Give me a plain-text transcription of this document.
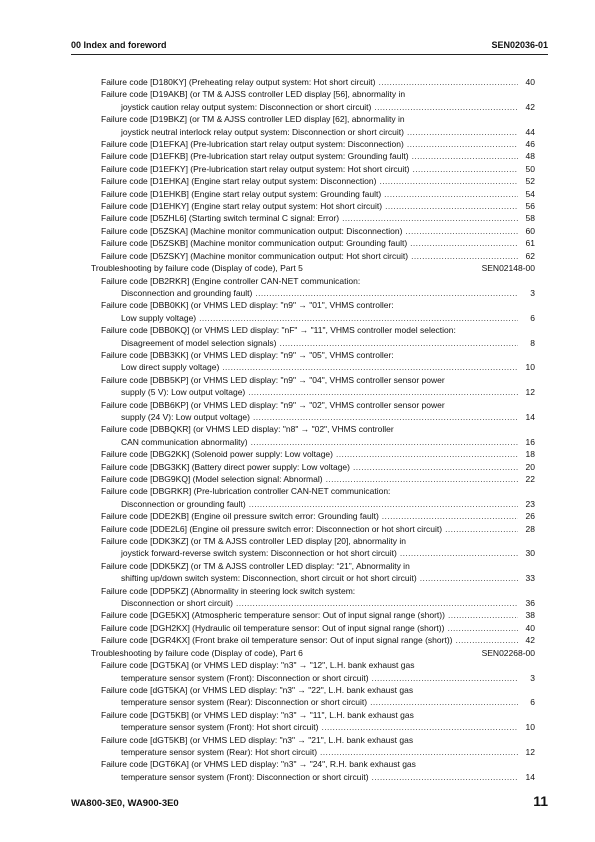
00 Index and foreword	SEN02036-01
Failure code [D180KY] (Preheating relay output system: Hot short circuit) .....	40
Failure code [D19AKB] (or TM & AJSS controller LED display [56], abnormality in
joystick caution relay output system: Disconnection or short circuit) .....	42
Failure code [D19BKZ] (or TM & AJSS controller LED display [62], abnormality in
joystick neutral interlock relay output system: Disconnection or short circuit) .....	44
Failure code [D1EFKA] (Pre-lubrication start relay output system: Disconnection) .....	46
Failure code [D1EFKB] (Pre-lubrication start relay output system: Grounding fault) .....	48
Failure code [D1EFKY] (Pre-lubrication start relay output system: Hot short circuit) .....	50
Failure code [D1EHKA] (Engine start relay output system: Disconnection) .....	52
Failure code [D1EHKB] (Engine start relay output system: Grounding fault) .....	54
Failure code [D1EHKY] (Engine start relay output system: Hot short circuit) .....	56
Failure code [D5ZHL6] (Starting switch terminal C signal: Error) .....	58
Failure code [D5ZSKA] (Machine monitor communication output: Disconnection) .....	60
Failure code [D5ZSKB] (Machine monitor communication output: Grounding fault) .....	61
Failure code [D5ZSKY] (Machine monitor communication output: Hot short circuit) .....	62
Troubleshooting by failure code (Display of code), Part 5	SEN02148-00
Failure code [DB2RKR] (Engine controller CAN-NET communication:
Disconnection and grounding fault) .....	3
Failure code [DBB0KK] (or VHMS LED display: "n9" → "01", VHMS controller:
Low supply voltage) .....	6
Failure code [DBB0KQ] (or VHMS LED display: "nF" → "11", VHMS controller model selection:
Disagreement of model selection signals) .....	8
Failure code [DBB3KK] (or VHMS LED display: "n9" → "05", VHMS controller:
Low direct supply voltage) .....	10
Failure code [DBB5KP] (or VHMS LED display: "n9" → "04", VHMS controller sensor power
supply (5 V): Low output voltage) .....	12
Failure code [DBB6KP] (or VHMS LED display: "n9" → "02", VHMS controller sensor power
supply (24 V): Low output voltage) .....	14
Failure code [DBBQKR] (or VHMS LED display: "n8" → "02", VHMS controller
CAN communication abnormality) .....	16
Failure code [DBG2KK] (Solenoid power supply: Low voltage) .....	18
Failure code [DBG3KK] (Battery direct power supply: Low voltage) .....	20
Failure code [DBG9KQ] (Model selection signal: Abnormal) .....	22
Failure code [DBGRKR] (Pre-lubrication controller CAN-NET communication:
Disconnection or grounding fault) .....	23
Failure code [DDE2KB] (Engine oil pressure switch error: Grounding fault) .....	26
Failure code [DDE2L6] (Engine oil pressure switch error: Disconnection or hot short circuit) .....	28
Failure code [DDK3KZ] (or TM & AJSS controller LED display [20], abnormality in
joystick forward-reverse switch system: Disconnection or hot short circuit) .....	30
Failure code [DDK5KZ] (or TM & AJSS controller LED display: “21”, Abnormality in
shifting up/down switch system: Disconnection, short circuit or hot short circuit) .....	33
Failure code [DDP5KZ] (Abnormality in steering lock switch system:
Disconnection or short circuit) .....	36
Failure code [DGE5KX] (Atmospheric temperature sensor: Out of input signal range (short)) .....	38
Failure code [DGH2KX] (Hydraulic oil temperature sensor: Out of input signal range (short)) .....	40
Failure code [DGR4KX] (Front brake oil temperature sensor: Out of input signal range (short)) .....	42
Troubleshooting by failure code (Display of code), Part 6	SEN02268-00
Failure code [DGT5KA] (or VHMS LED display: "n3" → "12", L.H. bank exhaust gas
temperature sensor system (Front): Disconnection or short circuit) .....	3
Failure code [dGT5KA] (or VHMS LED display: "n3" → "22", L.H. bank exhaust gas
temperature sensor system (Rear): Disconnection or short circuit) .....	6
Failure code [DGT5KB] (or VHMS LED display: "n3" → "11", L.H. bank exhaust gas
temperature sensor system (Front): Hot short circuit) .....	10
Failure code [dGT5KB] (or VHMS LED display: "n3" → "21", L.H. bank exhaust gas
temperature sensor system (Rear): Hot short circuit) .....	12
Failure code [DGT6KA] (or VHMS LED display: "n3" → "24", R.H. bank exhaust gas
temperature sensor system (Front): Disconnection or short circuit) .....	14
WA800-3E0, WA900-3E0	11
